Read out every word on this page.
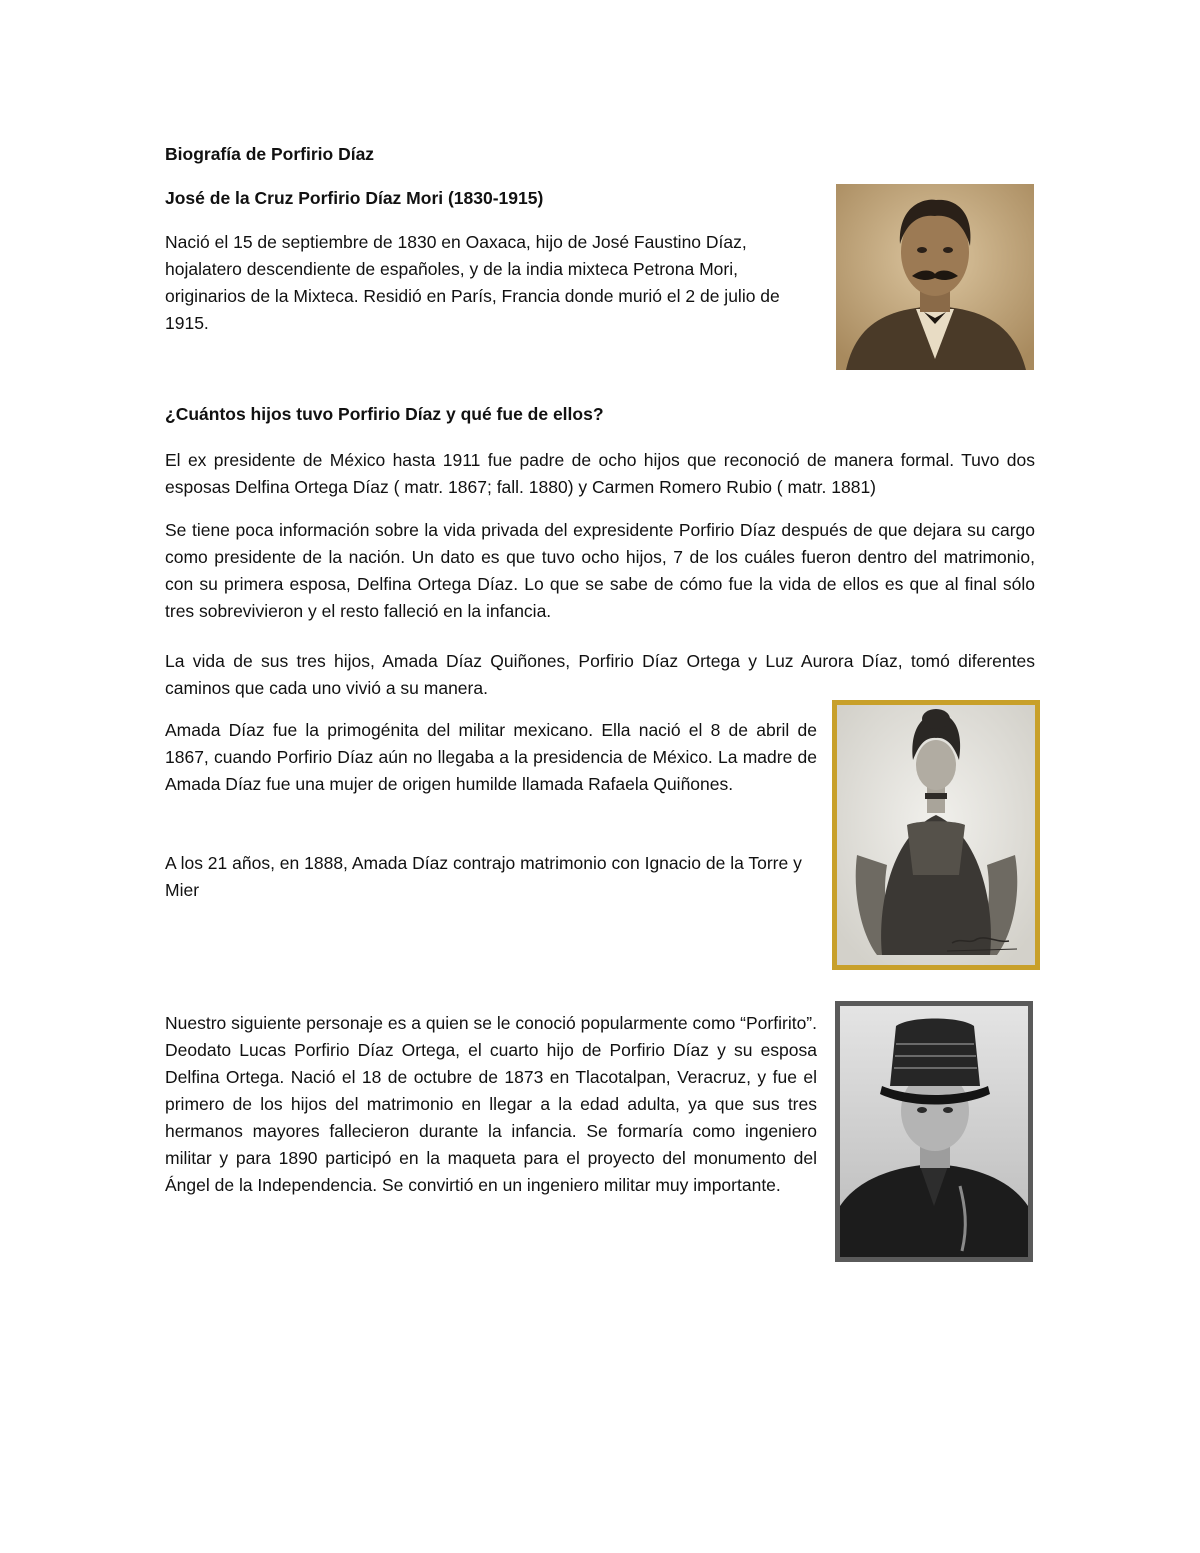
Biografía de Porfirio Díaz

José de la Cruz Porfirio Díaz Mori (1830-1915)

Nació el 15 de septiembre de 1830 en Oaxaca, hijo de José Faustino Díaz, hojalatero descendiente de españoles, y de la india mixteca Petrona Mori, originarios de la Mixteca. Residió en París, Francia donde murió el 2 de julio de 1915.

¿Cuántos hijos tuvo Porfirio Díaz y qué fue de ellos?

El ex presidente de México hasta 1911 fue padre de ocho hijos que reconoció de manera formal. Tuvo dos esposas Delfina Ortega Díaz ( matr. 1867; fall. 1880) y Carmen Romero Rubio ( matr. 1881)

Se tiene poca información sobre la vida privada del expresidente Porfirio Díaz después de que dejara su cargo como presidente de la nación. Un dato es que tuvo ocho hijos, 7 de los cuáles fueron dentro del matrimonio, con su primera esposa, Delfina Ortega Díaz. Lo que se sabe de cómo fue la vida de ellos es que al final sólo tres sobrevivieron y el resto falleció en la infancia.

La vida de sus tres hijos, Amada Díaz Quiñones, Porfirio Díaz Ortega y Luz Aurora Díaz, tomó diferentes caminos que cada uno vivió a su manera.

Amada Díaz fue la primogénita del militar mexicano. Ella nació el 8 de abril de 1867, cuando Porfirio Díaz aún no llegaba a la presidencia de México. La madre de Amada Díaz fue una mujer de origen humilde llamada Rafaela Quiñones.

A los 21 años, en 1888, Amada Díaz contrajo matrimonio con Ignacio de la Torre y Mier

Nuestro siguiente personaje es a quien se le conoció popularmente como “Porfirito”. Deodato Lucas Porfirio Díaz Ortega, el cuarto hijo de Porfirio Díaz y su esposa Delfina Ortega. Nació el 18 de octubre de 1873 en Tlacotalpan, Veracruz, y fue el primero de los hijos del matrimonio en llegar a la edad adulta, ya que sus tres hermanos mayores fallecieron durante la infancia. Se formaría como ingeniero militar y para 1890 participó en la maqueta para el proyecto del monumento del Ángel de la Independencia. Se convirtió en un ingeniero militar muy importante.
